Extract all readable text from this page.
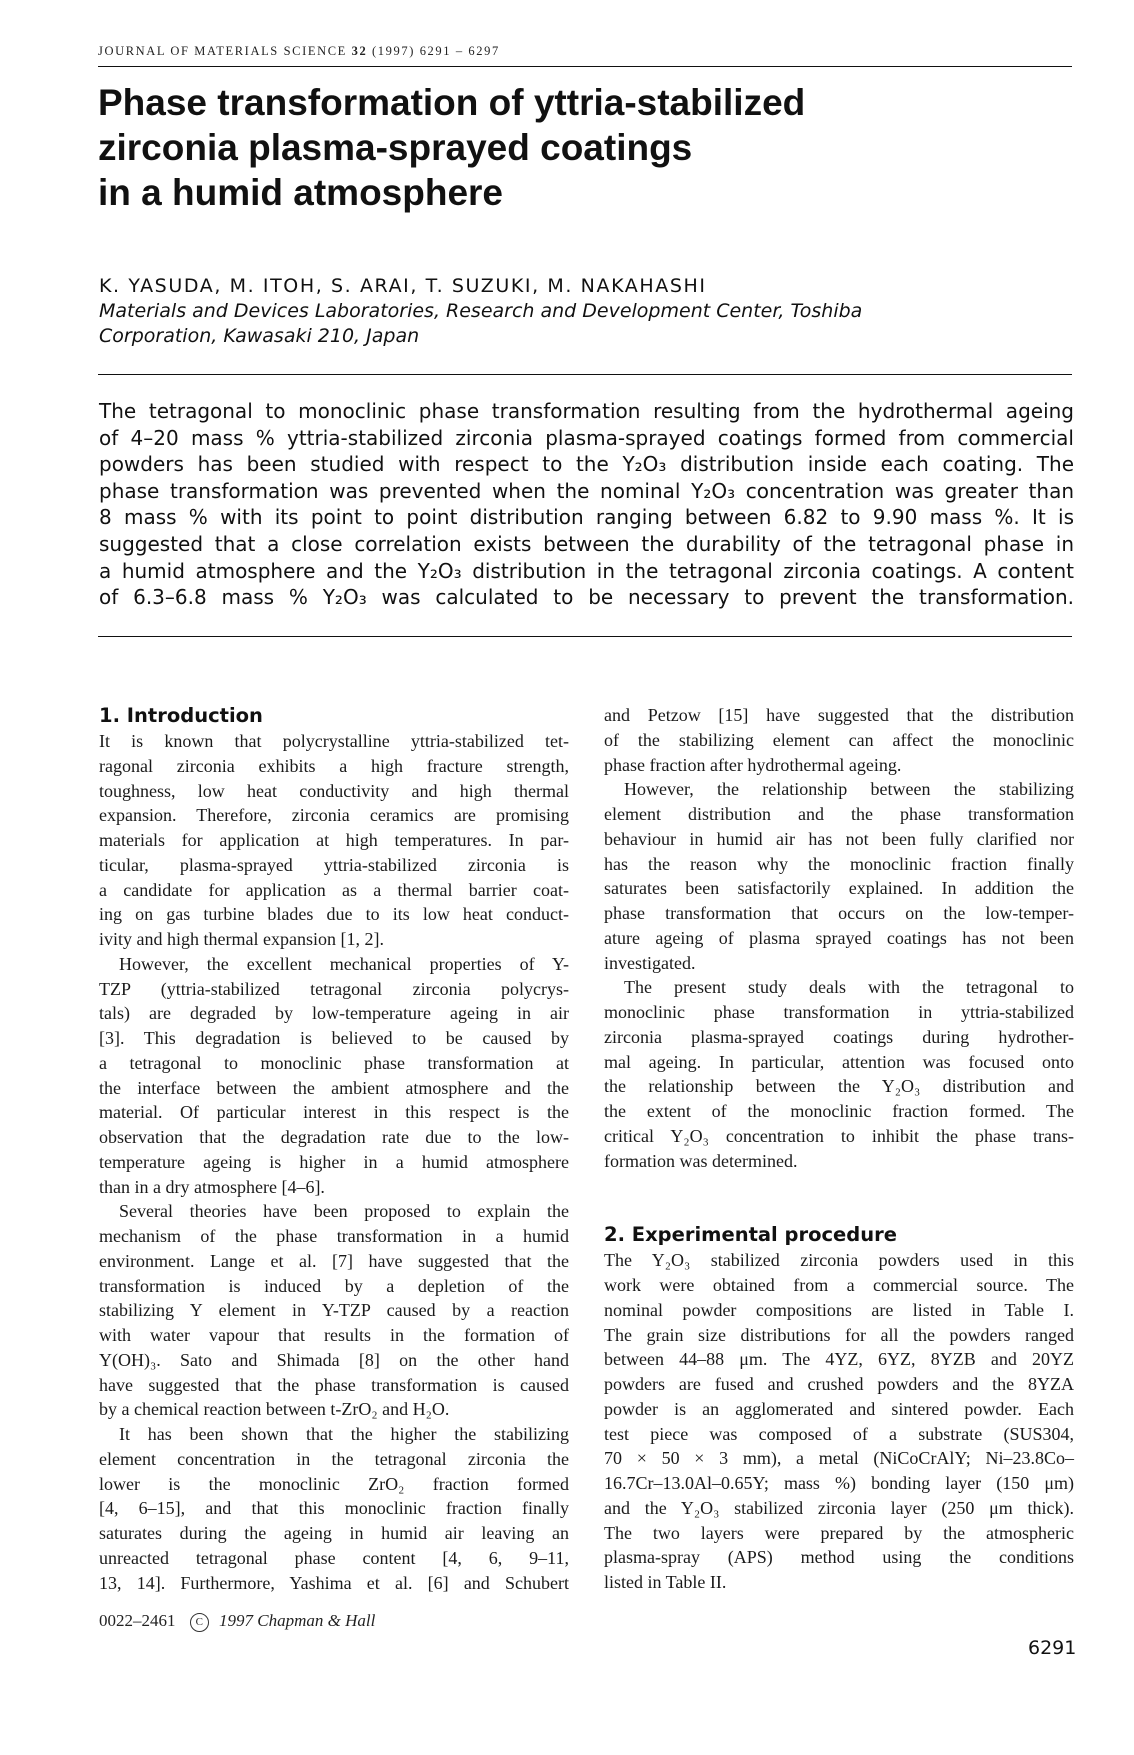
JOURNAL OF MATERIALS SCIENCE 32 (1997) 6291 – 6297
Phase transformation of yttria-stabilized
zirconia plasma-sprayed coatings
in a humid atmosphere
K. YASUDA, M. ITOH, S. ARAI, T. SUZUKI, M. NAKAHASHI
Materials and Devices Laboratories, Research and Development Center, Toshiba
Corporation, Kawasaki 210, Japan
The tetragonal to monoclinic phase transformation resulting from the hydrothermal ageing
of 4–20 mass % yttria-stabilized zirconia plasma-sprayed coatings formed from commercial
powders has been studied with respect to the Y₂O₃ distribution inside each coating. The
phase transformation was prevented when the nominal Y₂O₃ concentration was greater than
8 mass % with its point to point distribution ranging between 6.82 to 9.90 mass %. It is
suggested that a close correlation exists between the durability of the tetragonal phase in
a humid atmosphere and the Y₂O₃ distribution in the tetragonal zirconia coatings. A content
of 6.3–6.8 mass % Y₂O₃ was calculated to be necessary to prevent the transformation.
1. Introduction
It is known that polycrystalline yttria-stabilized tet-
ragonal zirconia exhibits a high fracture strength,
toughness, low heat conductivity and high thermal
expansion. Therefore, zirconia ceramics are promising
materials for application at high temperatures. In par-
ticular, plasma-sprayed yttria-stabilized zirconia is
a candidate for application as a thermal barrier coat-
ing on gas turbine blades due to its low heat conduct-
ivity and high thermal expansion [1, 2].
However, the excellent mechanical properties of Y-
TZP (yttria-stabilized tetragonal zirconia polycrys-
tals) are degraded by low-temperature ageing in air
[3]. This degradation is believed to be caused by
a tetragonal to monoclinic phase transformation at
the interface between the ambient atmosphere and the
material. Of particular interest in this respect is the
observation that the degradation rate due to the low-
temperature ageing is higher in a humid atmosphere
than in a dry atmosphere [4–6].
Several theories have been proposed to explain the
mechanism of the phase transformation in a humid
environment. Lange et al. [7] have suggested that the
transformation is induced by a depletion of the
stabilizing Y element in Y-TZP caused by a reaction
with water vapour that results in the formation of
Y(OH)₃. Sato and Shimada [8] on the other hand
have suggested that the phase transformation is caused
by a chemical reaction between t-ZrO₂ and H₂O.
It has been shown that the higher the stabilizing
element concentration in the tetragonal zirconia the
lower is the monoclinic ZrO₂ fraction formed
[4, 6–15], and that this monoclinic fraction finally
saturates during the ageing in humid air leaving an
unreacted tetragonal phase content [4, 6, 9–11,
13, 14]. Furthermore, Yashima et al. [6] and Schubert
and Petzow [15] have suggested that the distribution
of the stabilizing element can affect the monoclinic
phase fraction after hydrothermal ageing.
However, the relationship between the stabilizing
element distribution and the phase transformation
behaviour in humid air has not been fully clarified nor
has the reason why the monoclinic fraction finally
saturates been satisfactorily explained. In addition the
phase transformation that occurs on the low-temper-
ature ageing of plasma sprayed coatings has not been
investigated.
The present study deals with the tetragonal to
monoclinic phase transformation in yttria-stabilized
zirconia plasma-sprayed coatings during hydrother-
mal ageing. In particular, attention was focused onto
the relationship between the Y₂O₃ distribution and
the extent of the monoclinic fraction formed. The
critical Y₂O₃ concentration to inhibit the phase trans-
formation was determined.
2. Experimental procedure
The Y₂O₃ stabilized zirconia powders used in this
work were obtained from a commercial source. The
nominal powder compositions are listed in Table I.
The grain size distributions for all the powders ranged
between 44–88 μm. The 4YZ, 6YZ, 8YZB and 20YZ
powders are fused and crushed powders and the 8YZA
powder is an agglomerated and sintered powder. Each
test piece was composed of a substrate (SUS304,
70 × 50 × 3 mm), a metal (NiCoCrAlY; Ni–23.8Co–
16.7Cr–13.0Al–0.65Y; mass %) bonding layer (150 μm)
and the Y₂O₃ stabilized zirconia layer (250 μm thick).
The two layers were prepared by the atmospheric
plasma-spray (APS) method using the conditions
listed in Table II.
0022–2461 C 1997 Chapman & Hall
6291
